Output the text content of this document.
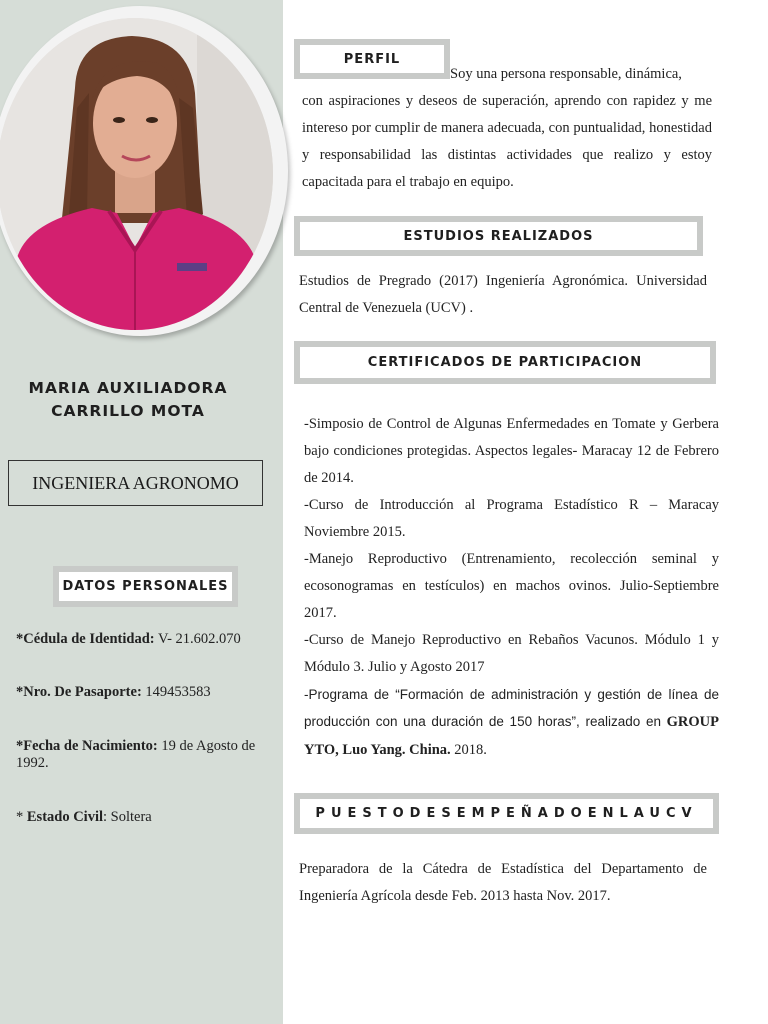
MARIA AUXILIADORA
CARRILLO MOTA
INGENIERA AGRONOMO
DATOS PERSONALES
*Cédula de Identidad: V- 21.602.070
*Nro. De Pasaporte: 149453583
*Fecha de Nacimiento: 19 de Agosto de 1992.
* Estado Civil: Soltera
PERFIL
Soy una persona responsable, dinámica,
con aspiraciones y deseos de superación, aprendo con rapidez y me intereso por cumplir de manera adecuada, con puntualidad, honestidad y responsabilidad las distintas actividades que realizo y estoy capacitada para el trabajo en equipo.
ESTUDIOS REALIZADOS
Estudios de Pregrado (2017) Ingeniería Agronómica. Universidad Central de Venezuela (UCV) .
CERTIFICADOS DE PARTICIPACION
-Simposio de Control de Algunas Enfermedades en Tomate y Gerbera bajo condiciones protegidas. Aspectos legales- Maracay 12 de Febrero de 2014.
-Curso de Introducción al Programa Estadístico R – Maracay Noviembre 2015.
-Manejo Reproductivo (Entrenamiento, recolección seminal y ecosonogramas en testículos) en machos ovinos. Julio-Septiembre 2017.
-Curso de Manejo Reproductivo en Rebaños Vacunos. Módulo 1 y Módulo 3. Julio y Agosto 2017
-Programa de “Formación de administración y gestión de línea de producción con una duración de 150 horas”, realizado en GROUP YTO, Luo Yang. China. 2018.
PUESTODESEMPEÑADOENLAUCV
Preparadora de la Cátedra de Estadística del Departamento de Ingeniería Agrícola desde Feb. 2013 hasta Nov. 2017.
